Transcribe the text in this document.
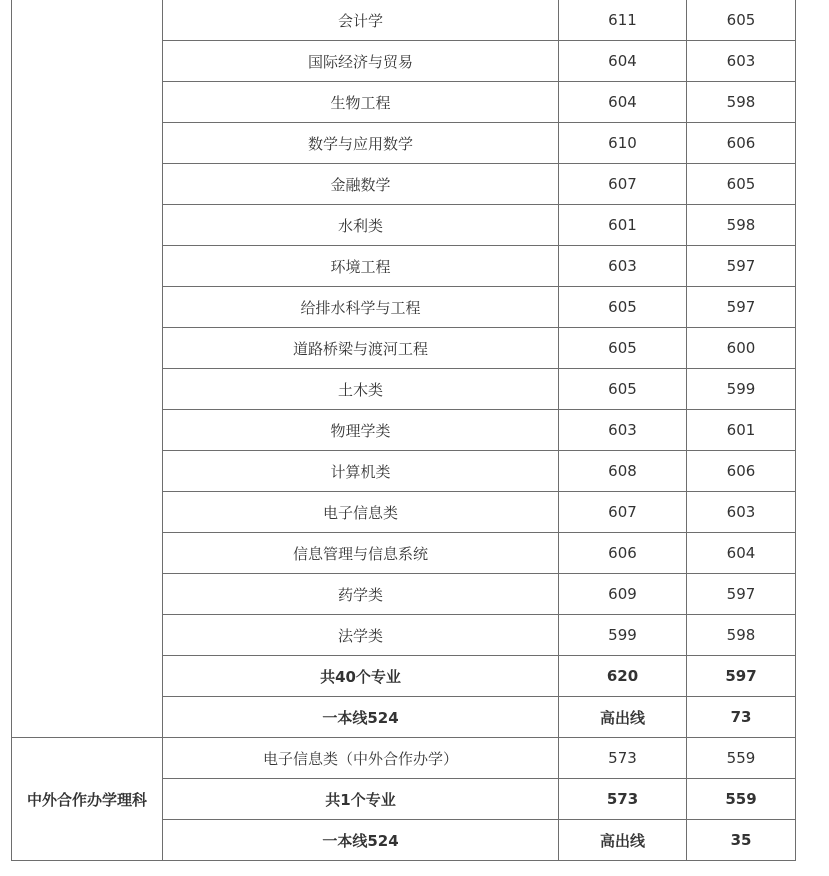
	会计学	611	605
	国际经济与贸易	604	603
	生物工程	604	598
	数学与应用数学	610	606
	金融数学	607	605
	水利类	601	598
	环境工程	603	597
	给排水科学与工程	605	597
	道路桥梁与渡河工程	605	600
	土木类	605	599
	物理学类	603	601
	计算机类	608	606
	电子信息类	607	603
	信息管理与信息系统	606	604
	药学类	609	597
	法学类	599	598
	共40个专业	620	597
	一本线524	高出线	73
中外合作办学理科	电子信息类（中外合作办学）	573	559
	共1个专业	573	559
	一本线524	高出线	35
